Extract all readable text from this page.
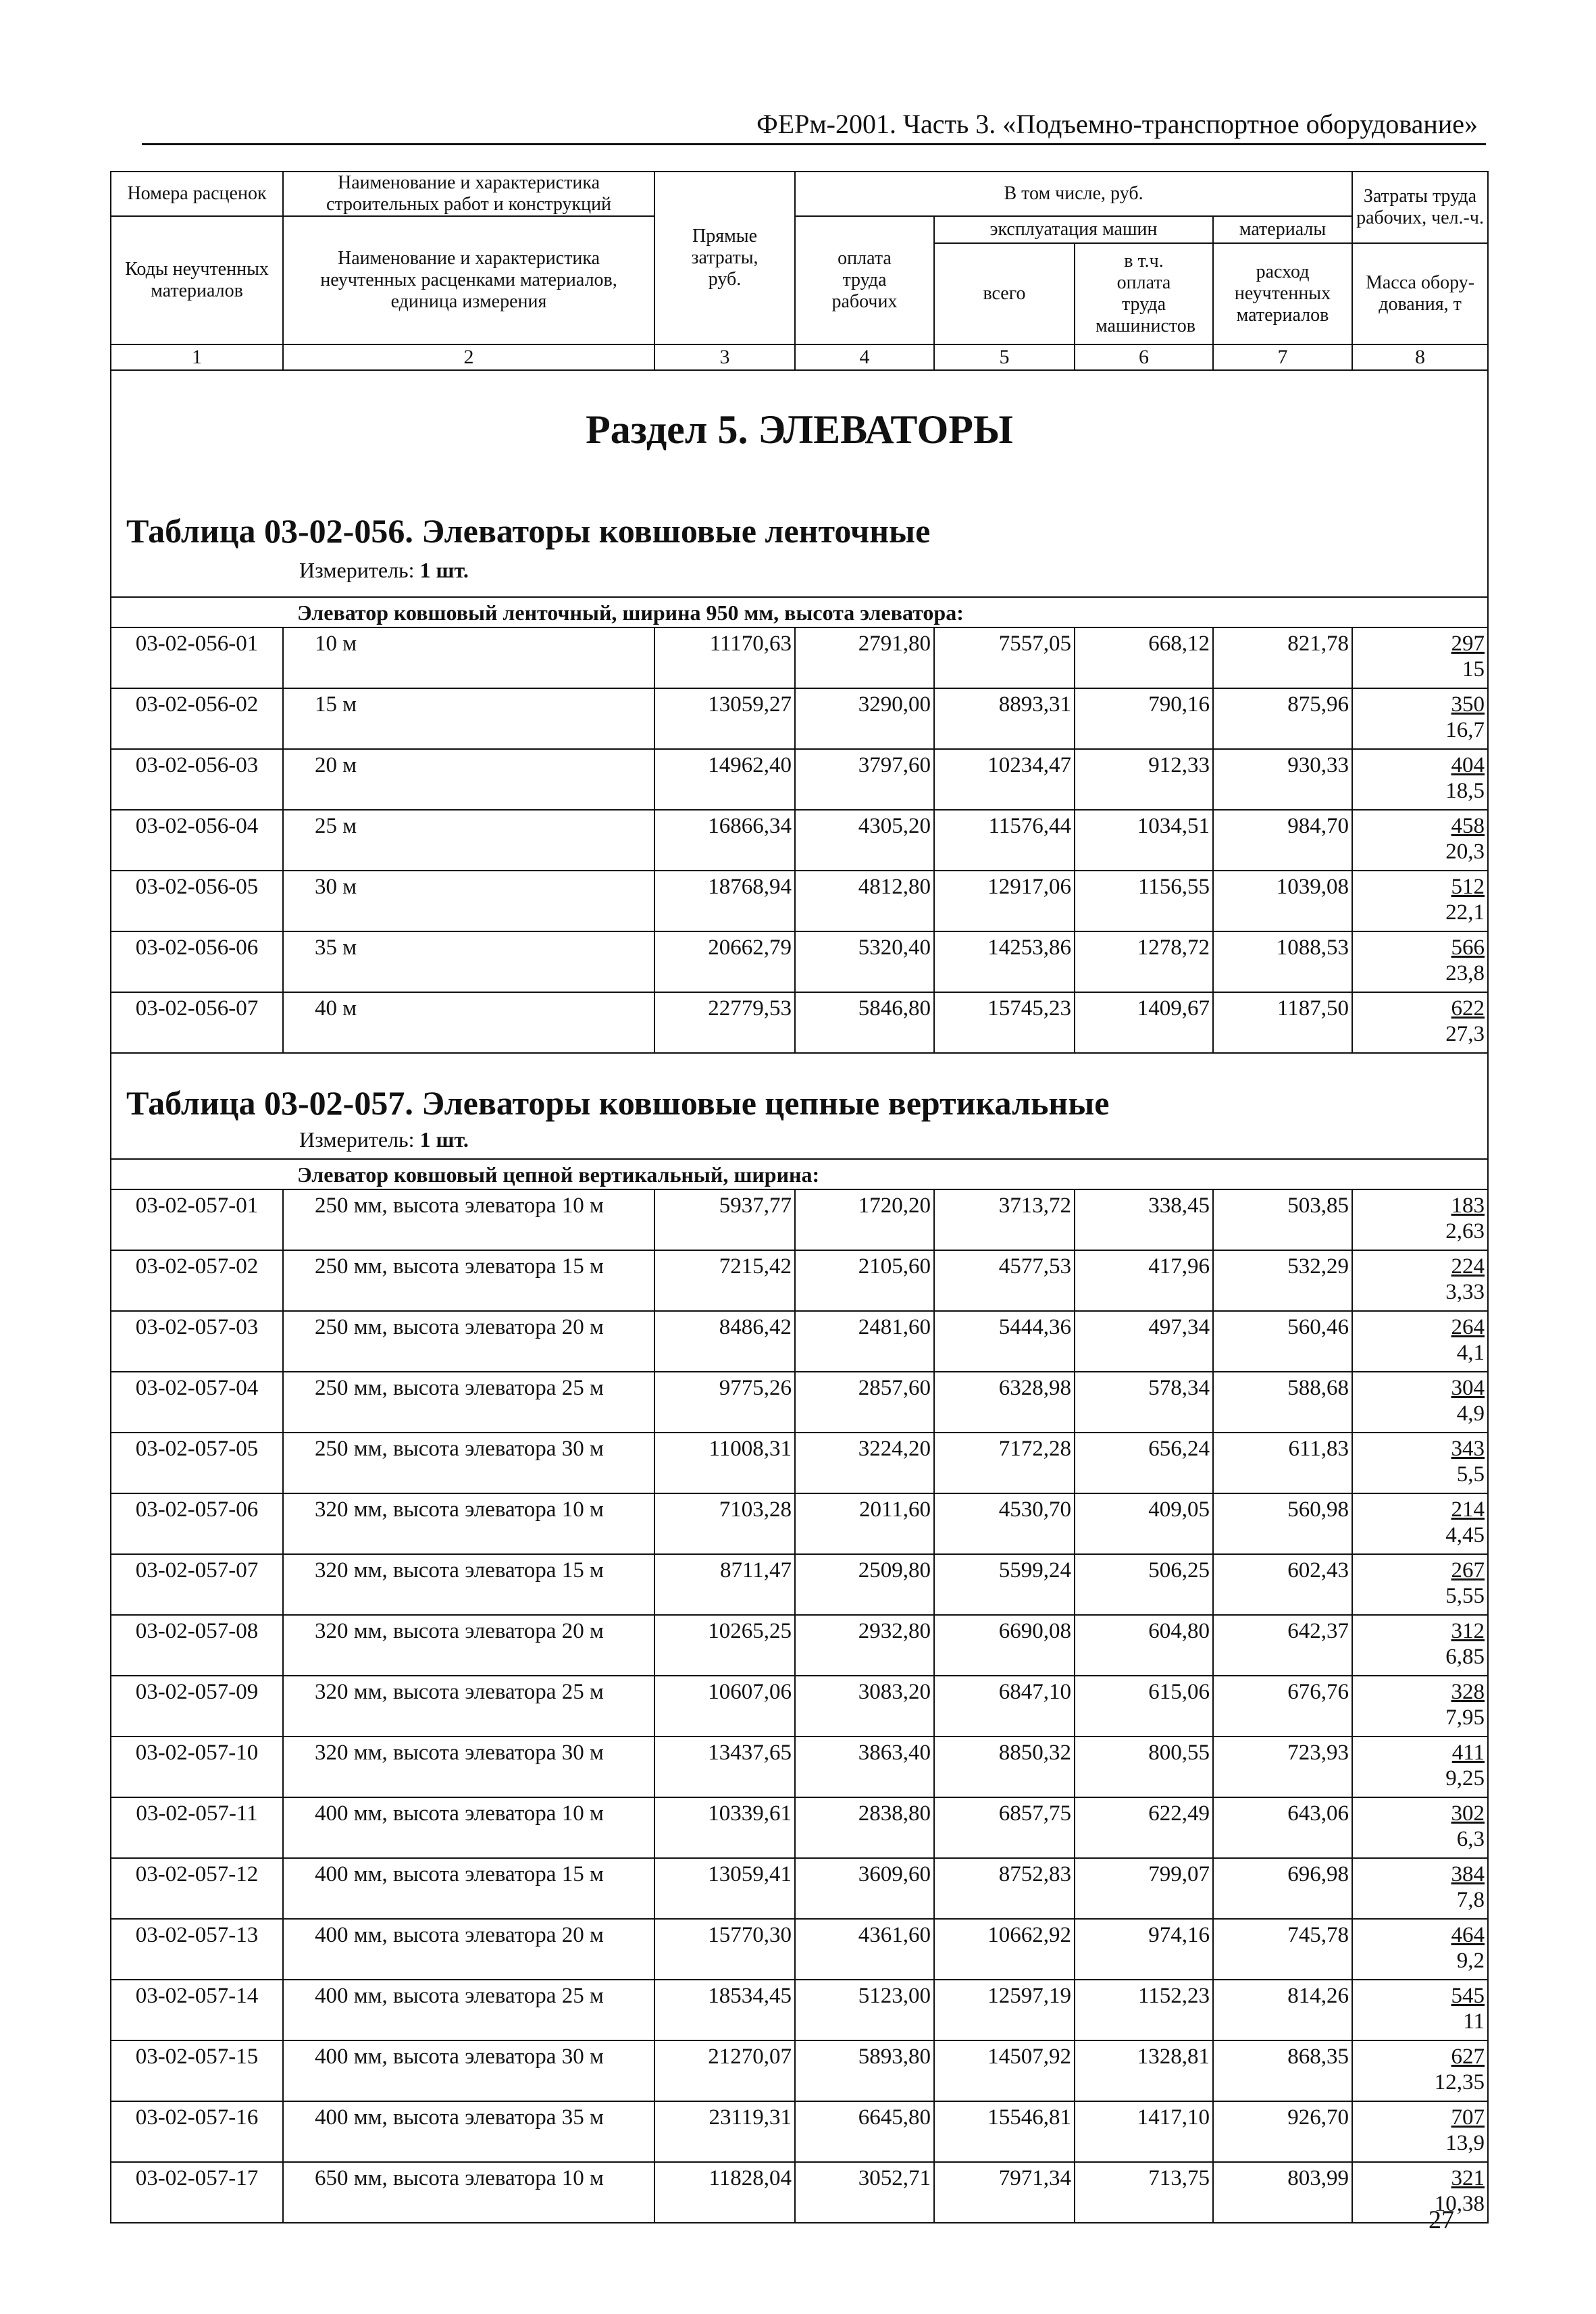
ФЕРм-2001. Часть 3. «Подъемно-транспортное оборудование»
Номера расценок	Наименование и характеристика строительных работ и конструкций	Прямые затраты, руб.	В том числе, руб.				Затраты труда рабочих, чел.-ч.
Коды неучтенных материалов	Наименование и характеристика неучтенных расценками материалов, единица измерения		оплата труда рабочих	эксплуатация машин		материалы	
				всего	в т.ч. оплата труда машинистов	расход неучтенных материалов	Масса обору-дования, т
1	2	3	4	5	6	7	8

Раздел 5. ЭЛЕВАТОРЫ							

Таблица 03-02-056. Элеваторы ковшовые ленточные
Измеритель: 1 шт.							

Элеватор ковшовый ленточный, ширина 950 мм, высота элеватора:							
03-02-056-01	10 м	11170,63	2791,80	7557,05	668,12	821,78	297
15

03-02-056-02	15 м	13059,27	3290,00	8893,31	790,16	875,96	350
16,7

03-02-056-03	20 м	14962,40	3797,60	10234,47	912,33	930,33	404
18,5

03-02-056-04	25 м	16866,34	4305,20	11576,44	1034,51	984,70	458
20,3

03-02-056-05	30 м	18768,94	4812,80	12917,06	1156,55	1039,08	512
22,1

03-02-056-06	35 м	20662,79	5320,40	14253,86	1278,72	1088,53	566
23,8

03-02-056-07	40 м	22779,53	5846,80	15745,23	1409,67	1187,50	622
27,3

Таблица 03-02-057. Элеваторы ковшовые цепные вертикальные
Измеритель: 1 шт.							

Элеватор ковшовый цепной вертикальный, ширина:							
03-02-057-01	250 мм, высота элеватора 10 м	5937,77	1720,20	3713,72	338,45	503,85	183
2,63

03-02-057-02	250 мм, высота элеватора 15 м	7215,42	2105,60	4577,53	417,96	532,29	224
3,33

03-02-057-03	250 мм, высота элеватора 20 м	8486,42	2481,60	5444,36	497,34	560,46	264
4,1

03-02-057-04	250 мм, высота элеватора 25 м	9775,26	2857,60	6328,98	578,34	588,68	304
4,9

03-02-057-05	250 мм, высота элеватора 30 м	11008,31	3224,20	7172,28	656,24	611,83	343
5,5

03-02-057-06	320 мм, высота элеватора 10 м	7103,28	2011,60	4530,70	409,05	560,98	214
4,45

03-02-057-07	320 мм, высота элеватора 15 м	8711,47	2509,80	5599,24	506,25	602,43	267
5,55

03-02-057-08	320 мм, высота элеватора 20 м	10265,25	2932,80	6690,08	604,80	642,37	312
6,85

03-02-057-09	320 мм, высота элеватора 25 м	10607,06	3083,20	6847,10	615,06	676,76	328
7,95

03-02-057-10	320 мм, высота элеватора 30 м	13437,65	3863,40	8850,32	800,55	723,93	411
9,25

03-02-057-11	400 мм, высота элеватора 10 м	10339,61	2838,80	6857,75	622,49	643,06	302
6,3

03-02-057-12	400 мм, высота элеватора 15 м	13059,41	3609,60	8752,83	799,07	696,98	384
7,8

03-02-057-13	400 мм, высота элеватора 20 м	15770,30	4361,60	10662,92	974,16	745,78	464
9,2

03-02-057-14	400 мм, высота элеватора 25 м	18534,45	5123,00	12597,19	1152,23	814,26	545
11

03-02-057-15	400 мм, высота элеватора 30 м	21270,07	5893,80	14507,92	1328,81	868,35	627
12,35

03-02-057-16	400 мм, высота элеватора 35 м	23119,31	6645,80	15546,81	1417,10	926,70	707
13,9

03-02-057-17	650 мм, высота элеватора 10 м	11828,04	3052,71	7971,34	713,75	803,99	321
10,38
27
